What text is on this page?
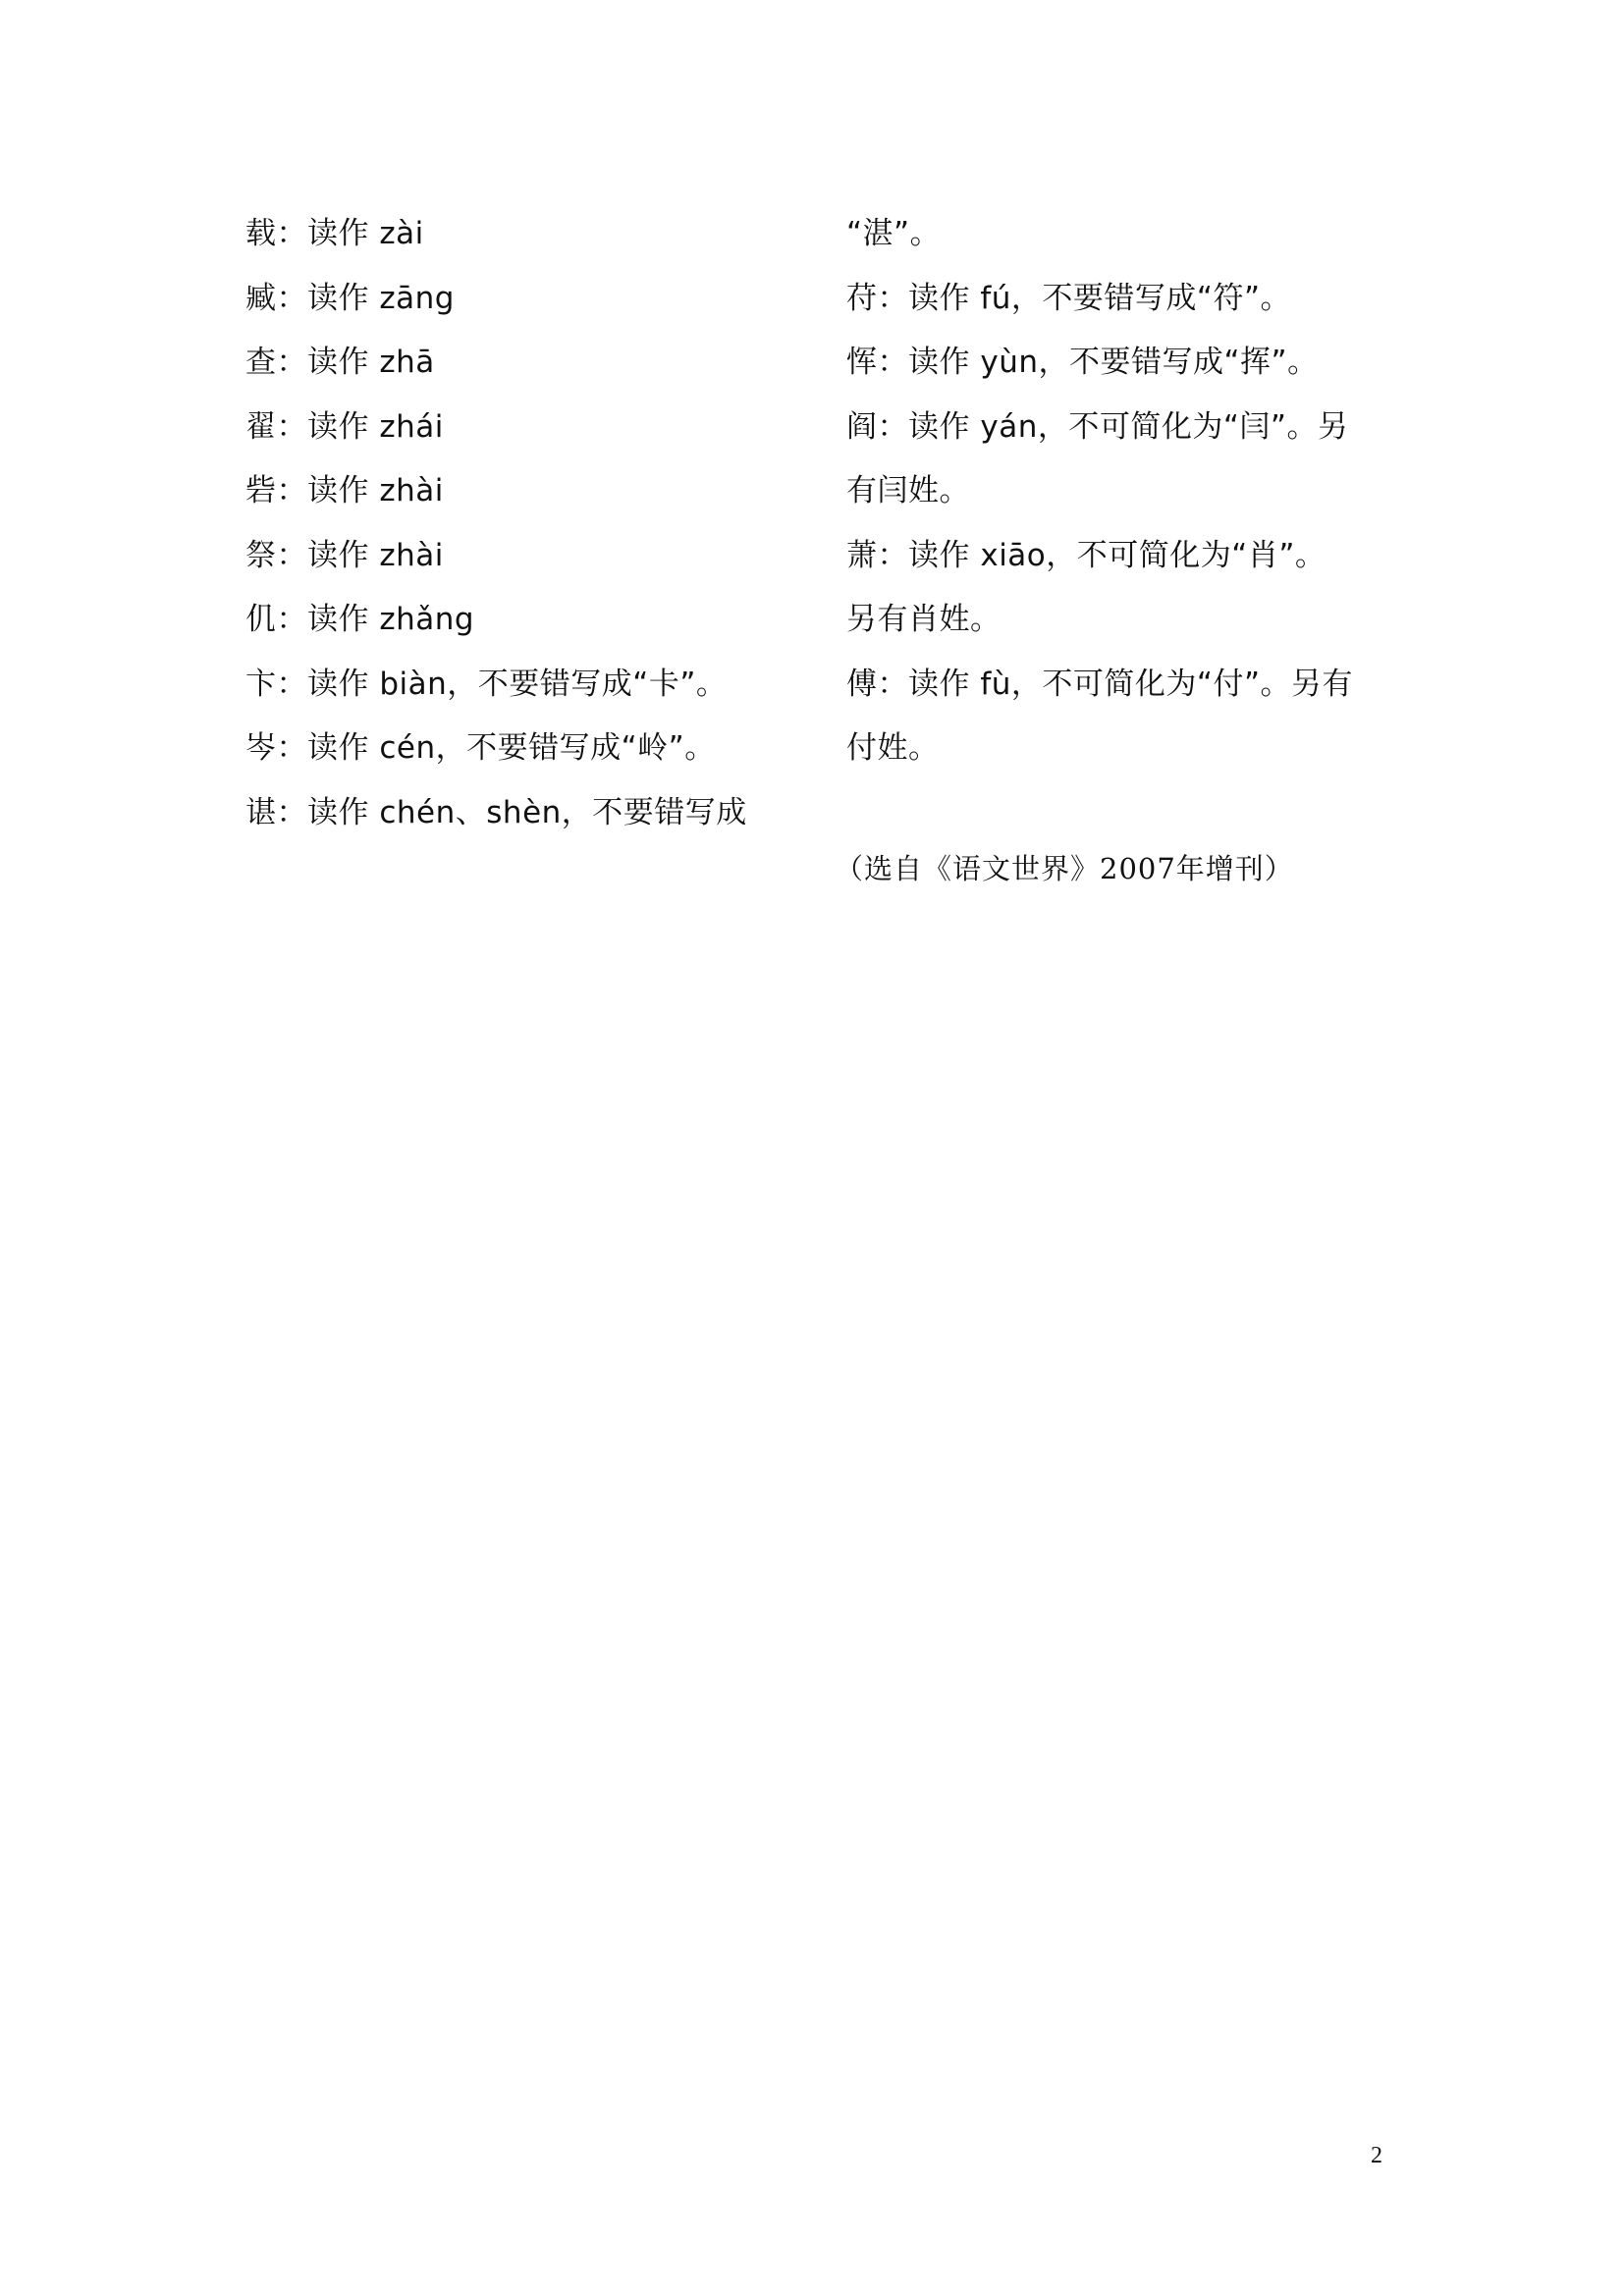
载：读作 zài
臧：读作 zāng
查：读作 zhā
翟：读作 zhái
砦：读作 zhài
祭：读作 zhài
仉：读作 zhǎng
卞：读作 biàn，不要错写成“卡”。
岑：读作 cén，不要错写成“岭”。
谌：读作 chén、shèn，不要错写成
“湛”。
苻：读作 fú，不要错写成“符”。
恽：读作 yùn，不要错写成“挥”。
阎：读作 yán，不可简化为“闫”。另
有闫姓。
萧：读作 xiāo，不可简化为“肖”。
另有肖姓。
傅：读作 fù，不可简化为“付”。另有
付姓。
（选自《语文世界》2007年增刊）
2
